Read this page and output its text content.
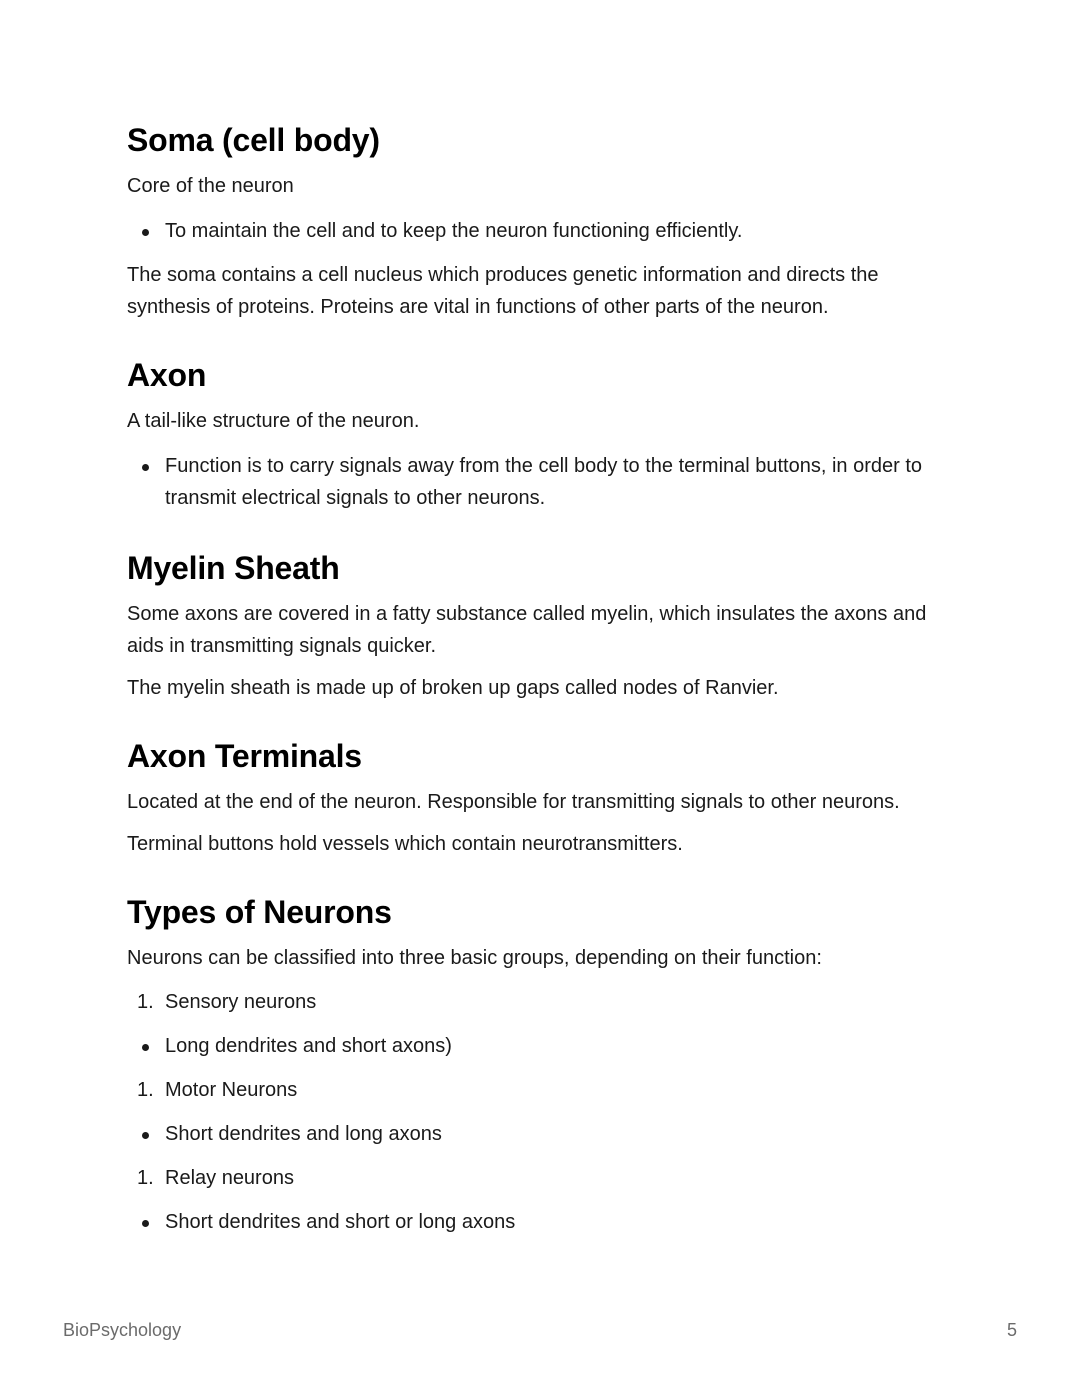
Soma (cell body)

Core of the neuron

To maintain the cell and to keep the neuron functioning efficiently.

The soma contains a cell nucleus which produces genetic information and directs the synthesis of proteins. Proteins are vital in functions of other parts of the neuron.

Axon

A tail-like structure of the neuron.

Function is to carry signals away from the cell body to the terminal buttons, in order to transmit electrical signals to other neurons.
Myelin Sheath

Some axons are covered in a fatty substance called myelin, which insulates the axons and aids in transmitting signals quicker.

The myelin sheath is made up of broken up gaps called nodes of Ranvier.

Axon Terminals

Located at the end of the neuron. Responsible for transmitting signals to other neurons.

Terminal buttons hold vessels which contain neurotransmitters.

Types of Neurons

Neurons can be classified into three basic groups, depending on their function:

1. Sensory neurons
Long dendrites and short axons)
1. Motor Neurons
Short dendrites and long axons
1. Relay neurons
Short dendrites and short or long axons
BioPsychology	5
